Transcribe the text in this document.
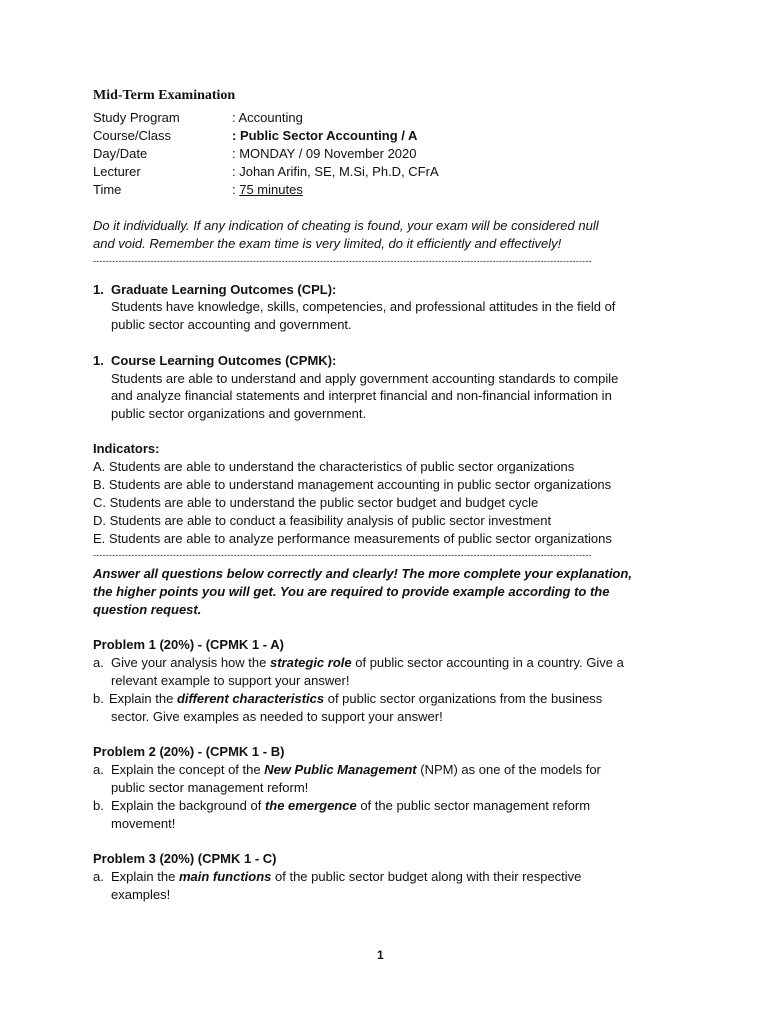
Mid-Term Examination
Study Program	: Accounting
Course/Class	: Public Sector Accounting / A
Day/Date	: MONDAY / 09 November 2020
Lecturer	: Johan Arifin, SE, M.Si, Ph.D, CFrA
Time	: 75 minutes
Do it individually. If any indication of cheating is found, your exam will be considered null
and void. Remember the exam time is very limited, do it efficiently and effectively!
------------------------------------------------------------------------------------------------------------------------------------------------------------
1. Graduate Learning Outcomes (CPL):
Students have knowledge, skills, competencies, and professional attitudes in the field of
public sector accounting and government.
1. Course Learning Outcomes (CPMK):
Students are able to understand and apply government accounting standards to compile
and analyze financial statements and interpret financial and non-financial information in
public sector organizations and government.
Indicators:
A. Students are able to understand the characteristics of public sector organizations
B. Students are able to understand management accounting in public sector organizations
C. Students are able to understand the public sector budget and budget cycle
D. Students are able to conduct a feasibility analysis of public sector investment
E. Students are able to analyze performance measurements of public sector organizations
------------------------------------------------------------------------------------------------------------------------------------------------------------
Answer all questions below correctly and clearly! The more complete your explanation,
the higher points you will get. You are required to provide example according to the
question request.
Problem 1 (20%) - (CPMK 1 - A)
a. Give your analysis how the strategic role of public sector accounting in a country. Give a
relevant example to support your answer!
b. Explain the different characteristics of public sector organizations from the business
sector. Give examples as needed to support your answer!
Problem 2 (20%) - (CPMK 1 - B)
a. Explain the concept of the New Public Management (NPM) as one of the models for
public sector management reform!
b. Explain the background of the emergence of the public sector management reform
movement!
Problem 3 (20%) (CPMK 1 - C)
a. Explain the main functions of the public sector budget along with their respective
examples!
1
